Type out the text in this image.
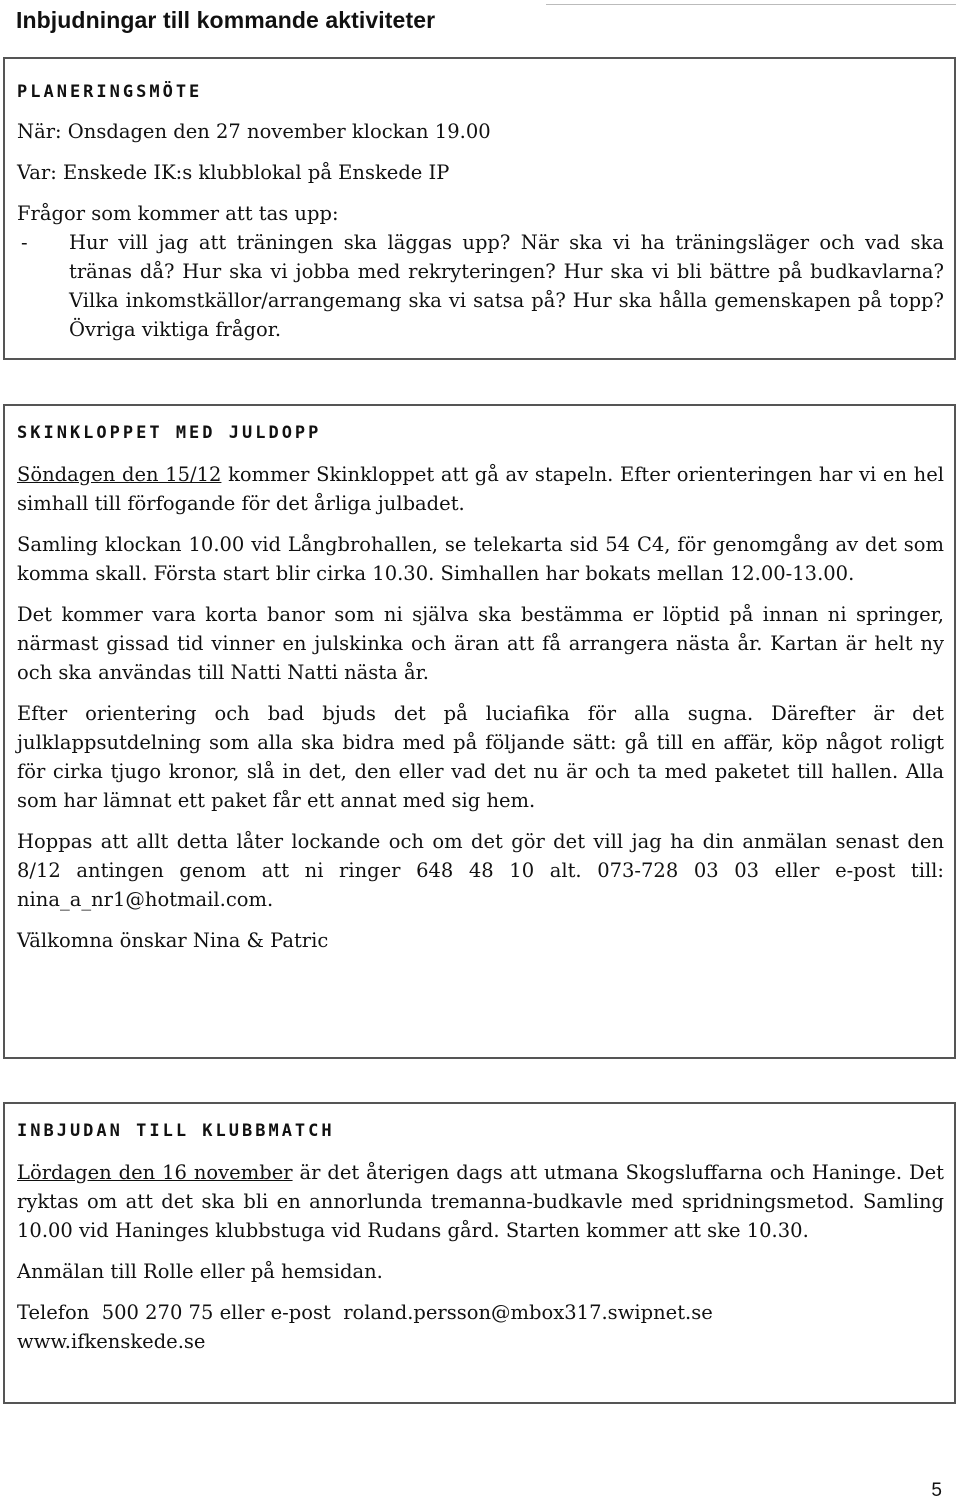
Inbjudningar till kommande aktiviteter
PLANERINGSMÖTE

När: Onsdagen den 27 november klockan 19.00

Var: Enskede IK:s klubblokal på Enskede IP

Frågor som kommer att tas upp:

-	Hur vill jag att träningen ska läggas upp? När ska vi ha träningsläger och vad ska tränas då? Hur ska vi jobba med rekryteringen? Hur ska vi bli bättre på budkavlarna? Vilka inkomstkällor/arrangemang ska vi satsa på? Hur ska hålla gemenskapen på topp? Övriga viktiga frågor.
SKINKLOPPET MED JULDOPP

Söndagen den 15/12 kommer Skinkloppet att gå av stapeln. Efter orienteringen har vi en hel simhall till förfogande för det årliga julbadet.

Samling klockan 10.00 vid Långbrohallen, se telekarta sid 54 C4, för genomgång av det som komma skall. Första start blir cirka 10.30. Simhallen har bokats mellan 12.00-13.00.

Det kommer vara korta banor som ni själva ska bestämma er löptid på innan ni springer, närmast gissad tid vinner en julskinka och äran att få arrangera nästa år. Kartan är helt ny och ska användas till Natti Natti nästa år.

Efter orientering och bad bjuds det på luciafika för alla sugna. Därefter är det julklappsutdelning som alla ska bidra med på följande sätt: gå till en affär, köp något roligt för cirka tjugo kronor, slå in det, den eller vad det nu är och ta med paketet till hallen. Alla som har lämnat ett paket får ett annat med sig hem.

Hoppas att allt detta låter lockande och om det gör det vill jag ha din anmälan senast den 8/12 antingen genom att ni ringer 648 48 10 alt. 073-728 03 03 eller e-post till: nina_a_nr1@hotmail.com.

Välkomna önskar Nina & Patric

INBJUDAN TILL KLUBBMATCH

Lördagen den 16 november är det återigen dags att utmana Skogsluffarna och Haninge. Det ryktas om att det ska bli en annorlunda tremanna-budkavle med spridningsmetod. Samling 10.00 vid Haninges klubbstuga vid Rudans gård. Starten kommer att ske 10.30.

Anmälan till Rolle eller på hemsidan.

Telefon  500 270 75 eller e-post  roland.persson@mbox317.swipnet.se

www.ifkenskede.se

5
